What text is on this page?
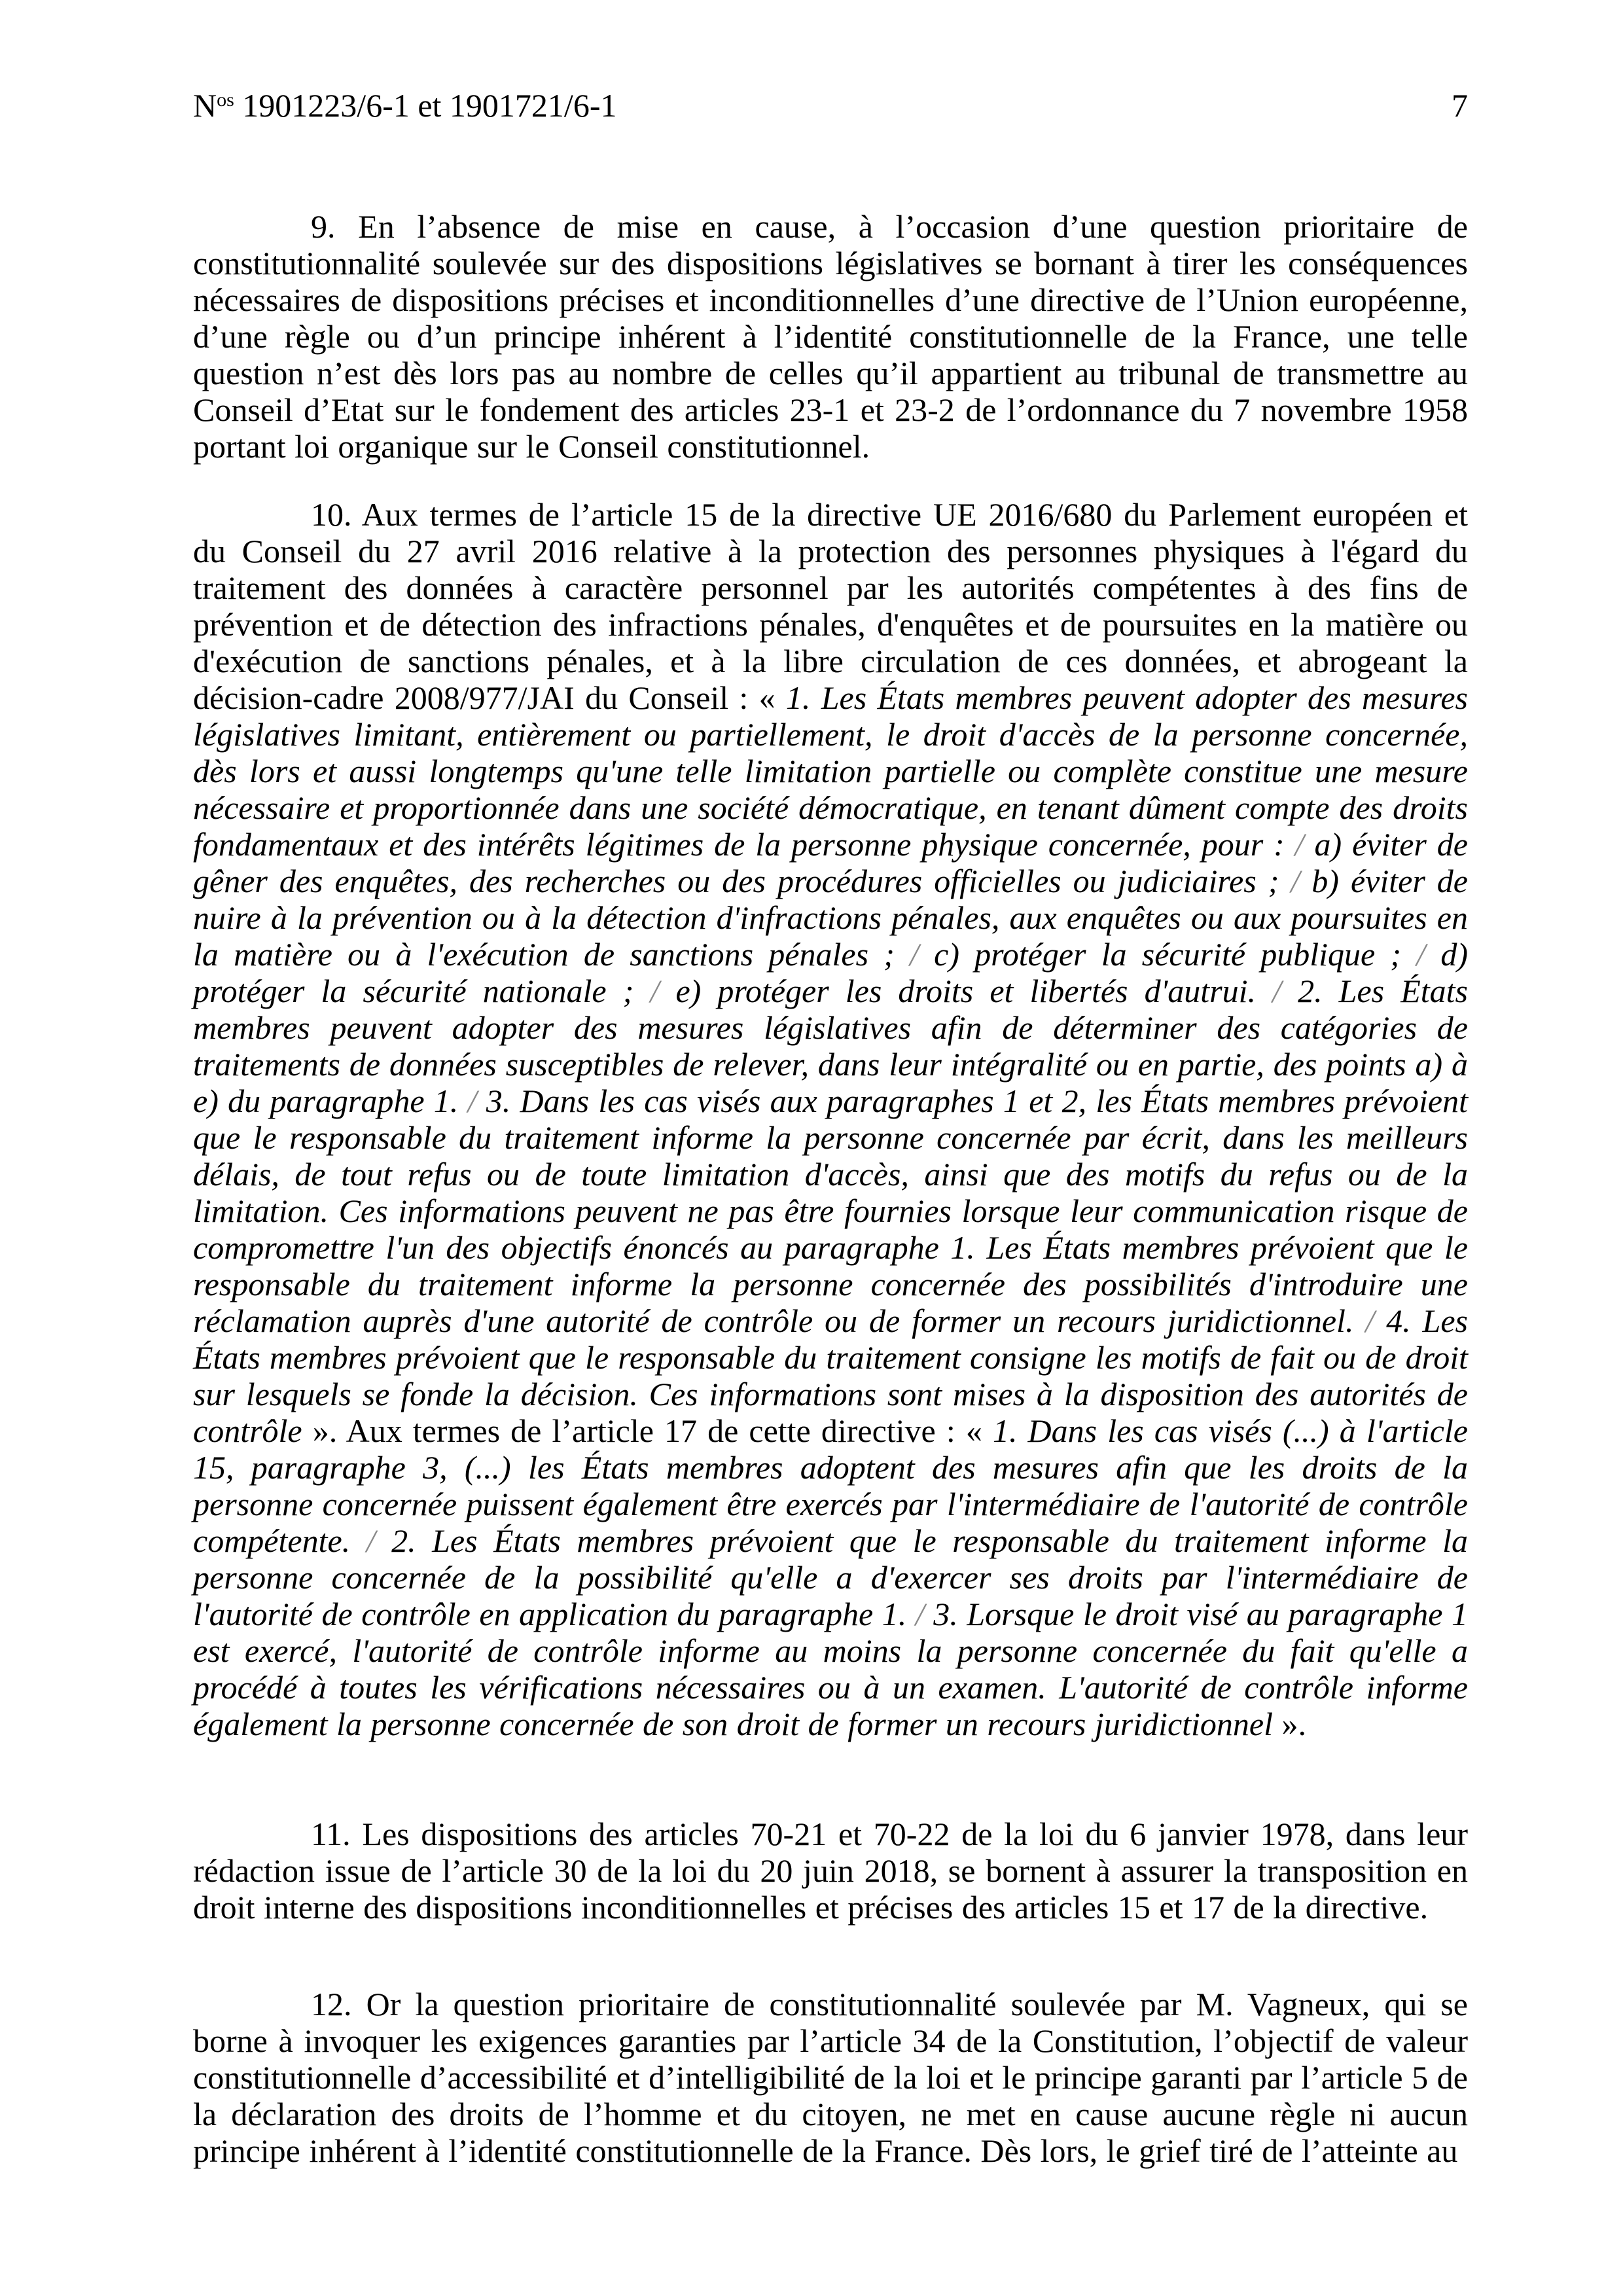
$N^{os}$ 1901223/6-1 et 1901721/6-1	7

9. En l’absence de mise en cause, à l’occasion d’une question prioritaire de constitutionnalité soulevée sur des dispositions législatives se bornant à tirer les conséquences nécessaires de dispositions précises et inconditionnelles d’une directive de l’Union européenne, d’une règle ou d’un principe inhérent à l’identité constitutionnelle de la France, une telle question n’est dès lors pas au nombre de celles qu’il appartient au tribunal de transmettre au Conseil d’Etat sur le fondement des articles 23-1 et 23-2 de l’ordonnance du 7 novembre 1958 portant loi organique sur le Conseil constitutionnel.

10. Aux termes de l’article 15 de la directive UE 2016/680 du Parlement européen et du Conseil du 27 avril 2016 relative à la protection des personnes physiques à l'égard du traitement des données à caractère personnel par les autorités compétentes à des fins de prévention et de détection des infractions pénales, d'enquêtes et de poursuites en la matière ou d'exécution de sanctions pénales, et à la libre circulation de ces données, et abrogeant la décision-cadre 2008/977/JAI du Conseil : « 1. Les États membres peuvent adopter des mesures législatives limitant, entièrement ou partiellement, le droit d'accès de la personne concernée, dès lors et aussi longtemps qu'une telle limitation partielle ou complète constitue une mesure nécessaire et proportionnée dans une société démocratique, en tenant dûment compte des droits fondamentaux et des intérêts légitimes de la personne physique concernée, pour : / a) éviter de gêner des enquêtes, des recherches ou des procédures officielles ou judiciaires ; / b) éviter de nuire à la prévention ou à la détection d'infractions pénales, aux enquêtes ou aux poursuites en la matière ou à l'exécution de sanctions pénales ; / c) protéger la sécurité publique ; / d) protéger la sécurité nationale ; / e) protéger les droits et libertés d'autrui. / 2. Les États membres peuvent adopter des mesures législatives afin de déterminer des catégories de traitements de données susceptibles de relever, dans leur intégralité ou en partie, des points a) à e) du paragraphe 1. / 3. Dans les cas visés aux paragraphes 1 et 2, les États membres prévoient que le responsable du traitement informe la personne concernée par écrit, dans les meilleurs délais, de tout refus ou de toute limitation d'accès, ainsi que des motifs du refus ou de la limitation. Ces informations peuvent ne pas être fournies lorsque leur communication risque de compromettre l'un des objectifs énoncés au paragraphe 1. Les États membres prévoient que le responsable du traitement informe la personne concernée des possibilités d'introduire une réclamation auprès d'une autorité de contrôle ou de former un recours juridictionnel. / 4. Les États membres prévoient que le responsable du traitement consigne les motifs de fait ou de droit sur lesquels se fonde la décision. Ces informations sont mises à la disposition des autorités de contrôle ». Aux termes de l’article 17 de cette directive : « 1. Dans les cas visés (...) à l'article 15, paragraphe 3, (...) les États membres adoptent des mesures afin que les droits de la personne concernée puissent également être exercés par l'intermédiaire de l'autorité de contrôle compétente. / 2. Les États membres prévoient que le responsable du traitement informe la personne concernée de la possibilité qu'elle a d'exercer ses droits par l'intermédiaire de l'autorité de contrôle en application du paragraphe 1. / 3. Lorsque le droit visé au paragraphe 1 est exercé, l'autorité de contrôle informe au moins la personne concernée du fait qu'elle a procédé à toutes les vérifications nécessaires ou à un examen. L'autorité de contrôle informe également la personne concernée de son droit de former un recours juridictionnel ».

11. Les dispositions des articles 70-21 et 70-22 de la loi du 6 janvier 1978, dans leur rédaction issue de l’article 30 de la loi du 20 juin 2018, se bornent à assurer la transposition en droit interne des dispositions inconditionnelles et précises des articles 15 et 17 de la directive.

12. Or la question prioritaire de constitutionnalité soulevée par M. Vagneux, qui se borne à invoquer les exigences garanties par l’article 34 de la Constitution, l’objectif de valeur constitutionnelle d’accessibilité et d’intelligibilité de la loi et le principe garanti par l’article 5 de la déclaration des droits de l’homme et du citoyen, ne met en cause aucune règle ni aucun principe inhérent à l’identité constitutionnelle de la France. Dès lors, le grief tiré de l’atteinte au
